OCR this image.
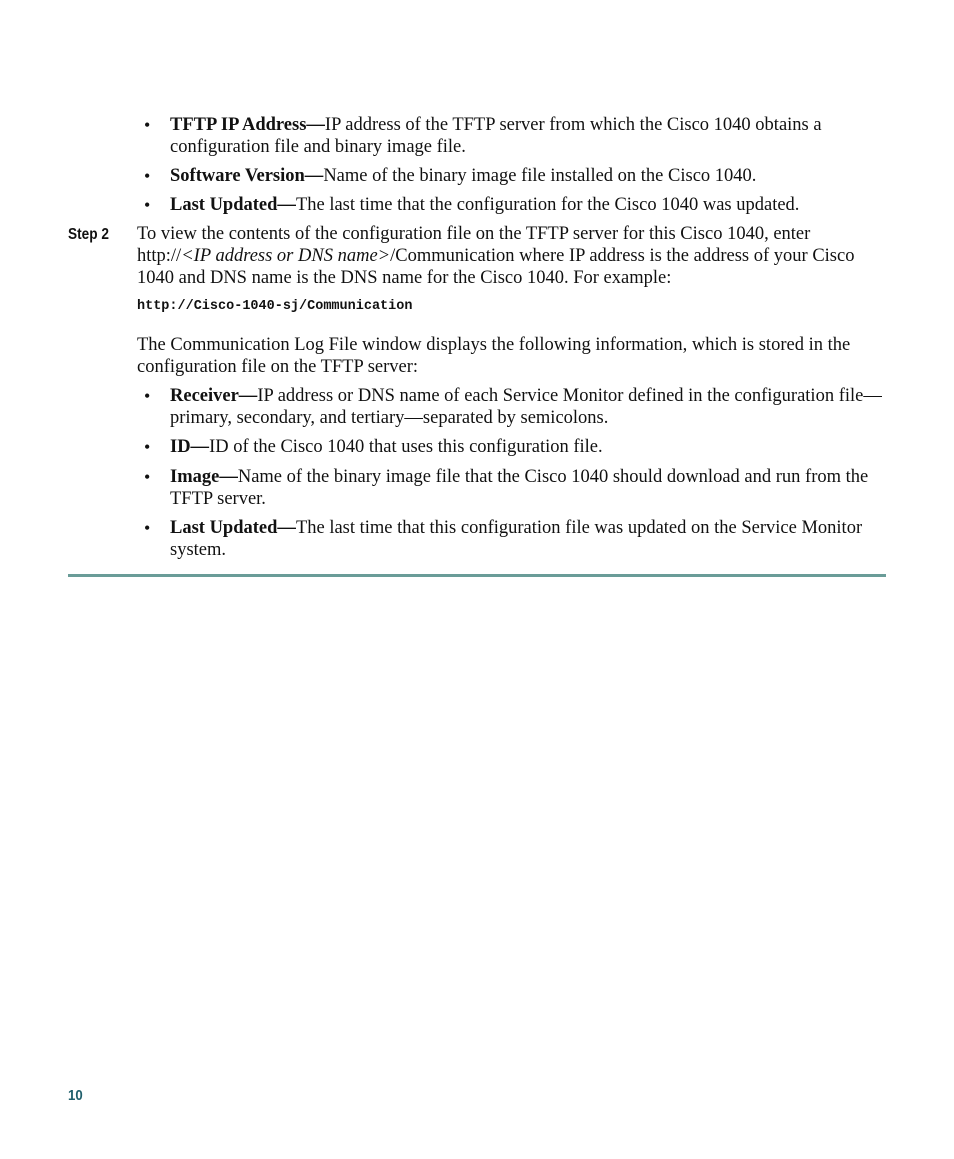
• TFTP IP Address—IP address of the TFTP server from which the Cisco 1040 obtains a configuration file and binary image file.
• Software Version—Name of the binary image file installed on the Cisco 1040.
• Last Updated—The last time that the configuration for the Cisco 1040 was updated.
Step 2 To view the contents of the configuration file on the TFTP server for this Cisco 1040, enter http://<IP address or DNS name>/Communication where IP address is the address of your Cisco 1040 and DNS name is the DNS name for the Cisco 1040. For example:
http://Cisco-1040-sj/Communication
The Communication Log File window displays the following information, which is stored in the configuration file on the TFTP server:
• Receiver—IP address or DNS name of each Service Monitor defined in the configuration file—primary, secondary, and tertiary—separated by semicolons.
• ID—ID of the Cisco 1040 that uses this configuration file.
• Image—Name of the binary image file that the Cisco 1040 should download and run from the TFTP server.
• Last Updated—The last time that this configuration file was updated on the Service Monitor system.
10
